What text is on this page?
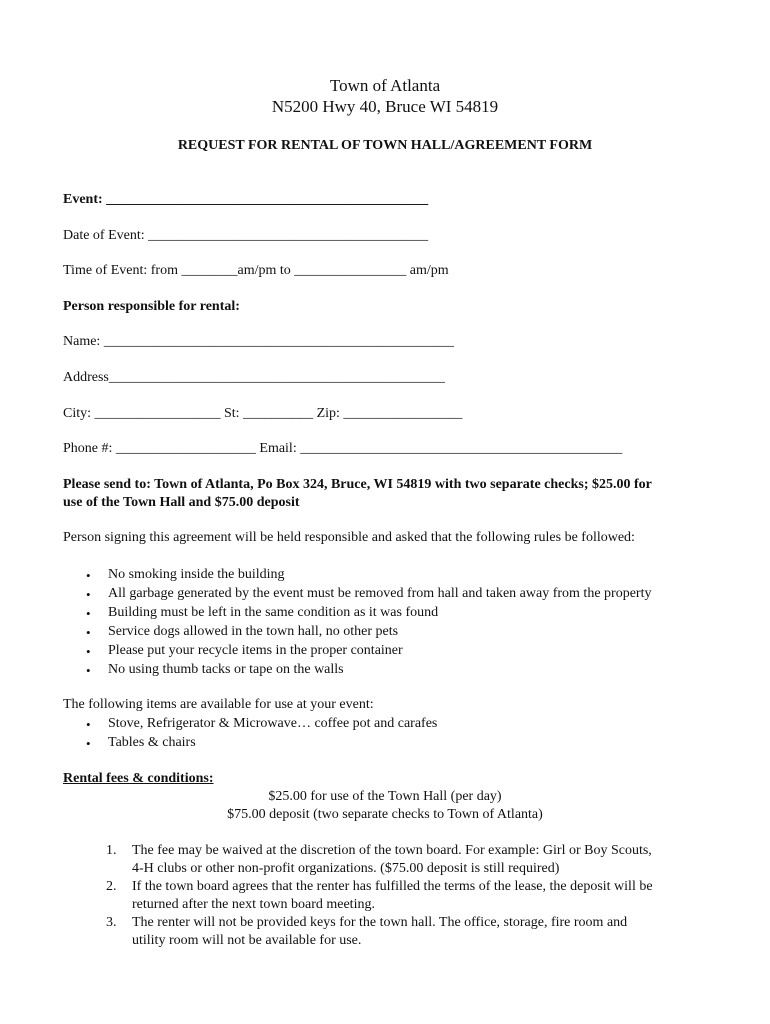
Town of Atlanta
N5200 Hwy 40, Bruce WI 54819
REQUEST FOR RENTAL OF TOWN HALL/AGREEMENT FORM
Event: ______________________________________________
Date of Event: ________________________________________
Time of Event: from ________am/pm to ________________ am/pm
Person responsible for rental:
Name: __________________________________________________
Address________________________________________________
City: __________________ St: __________ Zip: _________________
Phone #: ____________________ Email: ______________________________________________
Please send to: Town of Atlanta, Po Box 324, Bruce, WI 54819 with two separate checks; $25.00 for
use of the Town Hall and $75.00 deposit
Person signing this agreement will be held responsible and asked that the following rules be followed:
• No smoking inside the building
• All garbage generated by the event must be removed from hall and taken away from the property
• Building must be left in the same condition as it was found
• Service dogs allowed in the town hall, no other pets
• Please put your recycle items in the proper container
• No using thumb tacks or tape on the walls
The following items are available for use at your event:
• Stove, Refrigerator & Microwave… coffee pot and carafes
• Tables & chairs
Rental fees & conditions:
$25.00 for use of the Town Hall (per day)
$75.00 deposit (two separate checks to Town of Atlanta)
1. The fee may be waived at the discretion of the town board. For example: Girl or Boy Scouts,
4-H clubs or other non-profit organizations. ($75.00 deposit is still required)
2. If the town board agrees that the renter has fulfilled the terms of the lease, the deposit will be
returned after the next town board meeting.
3. The renter will not be provided keys for the town hall. The office, storage, fire room and
utility room will not be available for use.
